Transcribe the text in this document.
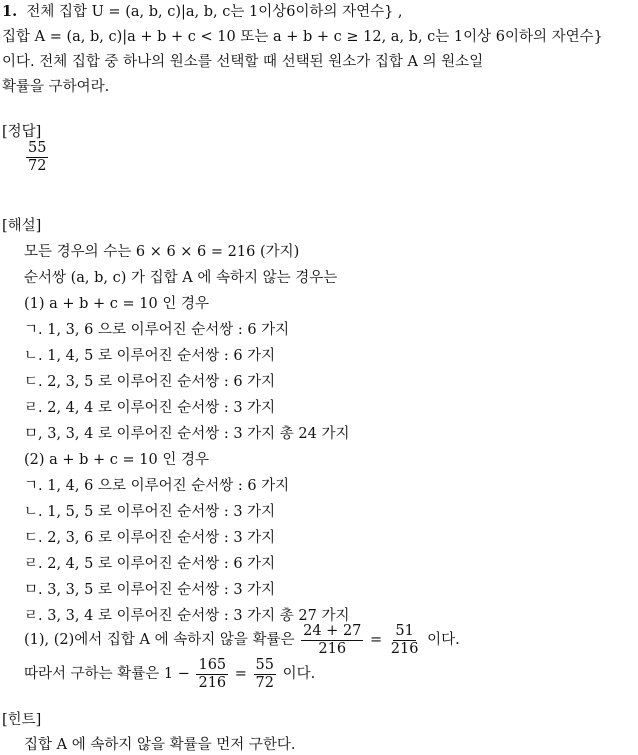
1. 전체 집합 U = (a, b, c)|a, b, c는 1이상6이하의 자연수} ,
집합 A = (a, b, c)|a + b + c < 10 또는 a + b + c ≥ 12, a, b, c는 1이상 6이하의 자연수}
이다. 전체 집합 중 하나의 원소를 선택할 때 선택된 원소가 집합 A 의 원소일
확률을 구하여라.
[정답]
$\frac{55}{72}$
[해설]
모든 경우의 수는 6 × 6 × 6 = 216 (가지)
순서쌍 (a, b, c) 가 집합 A 에 속하지 않는 경우는
(1) a + b + c = 10 인 경우
ㄱ. 1, 3, 6 으로 이루어진 순서쌍 : 6 가지
ㄴ. 1, 4, 5 로 이루어진 순서쌍 : 6 가지
ㄷ. 2, 3, 5 로 이루어진 순서쌍 : 6 가지
ㄹ. 2, 4, 4 로 이루어진 순서쌍 : 3 가지
ㅁ, 3, 3, 4 로 이루어진 순서쌍 : 3 가지 총 24 가지
(2) a + b + c = 10 인 경우
ㄱ. 1, 4, 6 으로 이루어진 순서쌍 : 6 가지
ㄴ. 1, 5, 5 로 이루어진 순서쌍 : 3 가지
ㄷ. 2, 3, 6 로 이루어진 순서쌍 : 3 가지
ㄹ. 2, 4, 5 로 이루어진 순서쌍 : 6 가지
ㅁ. 3, 3, 5 로 이루어진 순서쌍 : 3 가지
ㄹ. 3, 3, 4 로 이루어진 순서쌍 : 3 가지 총 27 가지
(1), (2)에서 집합 A 에 속하지 않을 확률은 $\frac{24 + 27}{216} = \frac{51}{216}$ 이다.
따라서 구하는 확률은 $1 - \frac{165}{216} = \frac{55}{72}$ 이다.
[힌트]
집합 A 에 속하지 않을 확률을 먼저 구한다.
